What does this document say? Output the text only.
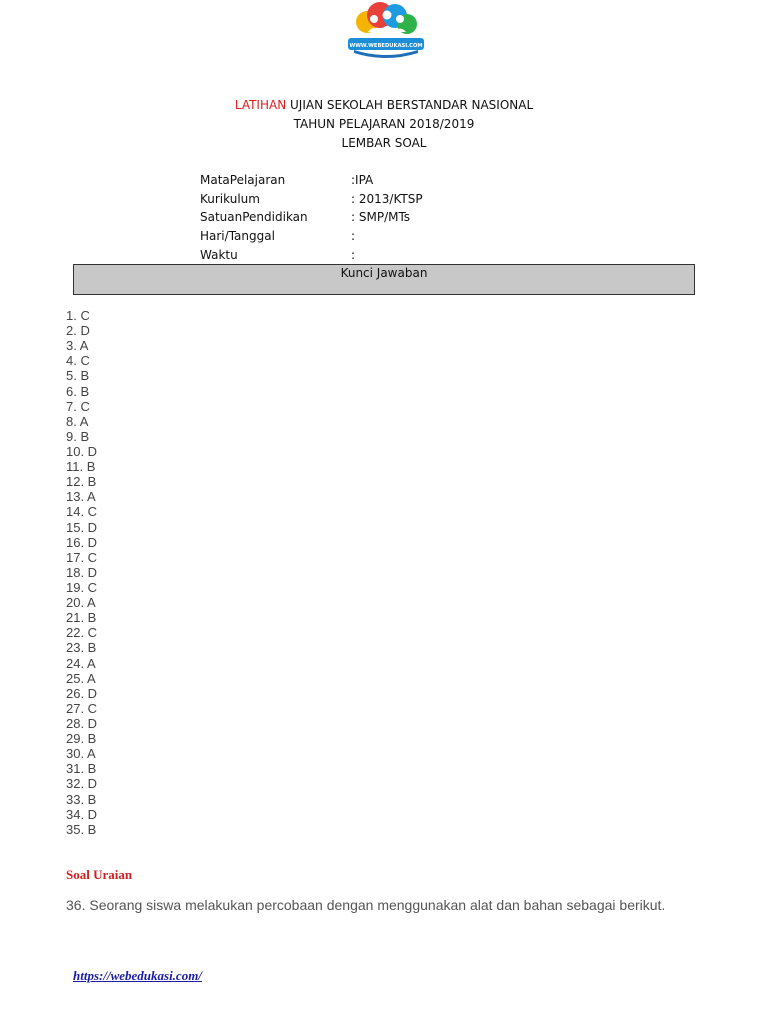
WWW.WEBEDUKASI.COM
LATIHAN UJIAN SEKOLAH BERSTANDAR NASIONAL
TAHUN PELAJARAN 2018/2019
LEMBAR SOAL
MataPelajaran	:IPA
Kurikulum	: 2013/KTSP
SatuanPendidikan	: SMP/MTs
Hari/Tanggal	:
Waktu	:
Kunci Jawaban
1. C
2. D
3. A
4. C
5. B
6. B
7. C
8. A
9. B
10. D
11. B
12. B
13. A
14. C
15. D
16. D
17. C
18. D
19. C
20. A
21. B
22. C
23. B
24. A
25. A
26. D
27. C
28. D
29. B
30. A
31. B
32. D
33. B
34. D
35. B
Soal Uraian
36. Seorang siswa melakukan percobaan dengan menggunakan alat dan bahan sebagai berikut.
https://webedukasi.com/
